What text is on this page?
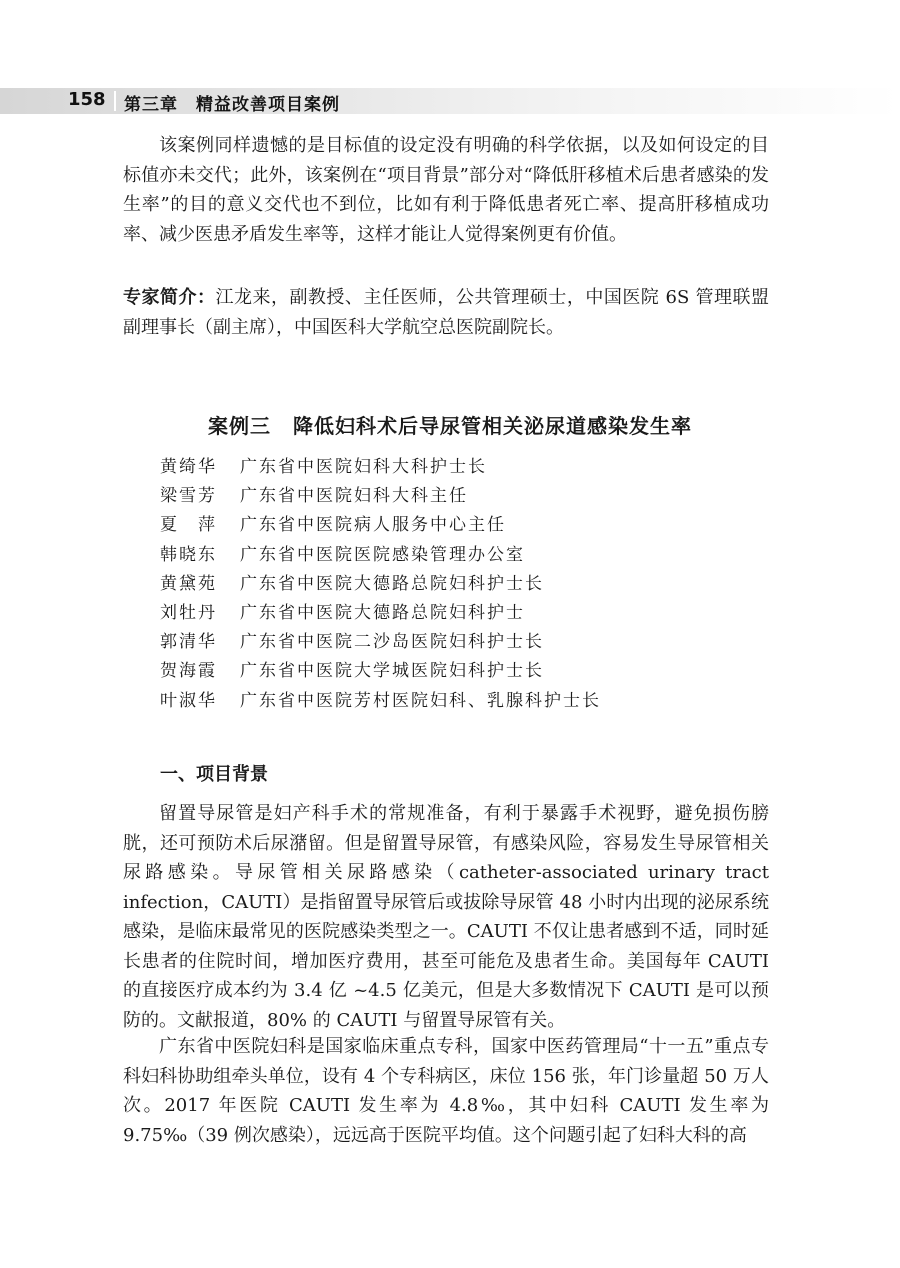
158 第三章　精益改善项目案例

该案例同样遗憾的是目标值的设定没有明确的科学依据，以及如何设定的目标值亦未交代；此外，该案例在“项目背景”部分对“降低肝移植术后患者感染的发生率”的目的意义交代也不到位，比如有利于降低患者死亡率、提高肝移植成功率、减少医患矛盾发生率等，这样才能让人觉得案例更有价值。

专家简介：江龙来，副教授、主任医师，公共管理硕士，中国医院 6S 管理联盟副理事长（副主席），中国医科大学航空总医院副院长。

案例三 降低妇科术后导尿管相关泌尿道感染发生率
黄绮华 广东省中医院妇科大科护士长
梁雪芳 广东省中医院妇科大科主任
夏　萍 广东省中医院病人服务中心主任
韩晓东 广东省中医院医院感染管理办公室
黄黛苑 广东省中医院大德路总院妇科护士长
刘牡丹 广东省中医院大德路总院妇科护士
郭清华 广东省中医院二沙岛医院妇科护士长
贺海霞 广东省中医院大学城医院妇科护士长
叶淑华 广东省中医院芳村医院妇科、乳腺科护士长
一、项目背景

留置导尿管是妇产科手术的常规准备，有利于暴露手术视野，避免损伤膀胱，还可预防术后尿潴留。但是留置导尿管，有感染风险，容易发生导尿管相关尿路感染。导尿管相关尿路感染（catheter-associated urinary tract infection，CAUTI）是指留置导尿管后或拔除导尿管 48 小时内出现的泌尿系统感染，是临床最常见的医院感染类型之一。CAUTI 不仅让患者感到不适，同时延长患者的住院时间，增加医疗费用，甚至可能危及患者生命。美国每年 CAUTI 的直接医疗成本约为 3.4 亿 ~4.5 亿美元，但是大多数情况下 CAUTI 是可以预防的。文献报道，80% 的 CAUTI 与留置导尿管有关。

广东省中医院妇科是国家临床重点专科，国家中医药管理局“十一五”重点专科妇科协助组牵头单位，设有 4 个专科病区，床位 156 张，年门诊量超 50 万人次。2017 年医院 CAUTI 发生率为 4.8‰，其中妇科 CAUTI 发生率为 9.75‰（39 例次感染），远远高于医院平均值。这个问题引起了妇科大科的高
